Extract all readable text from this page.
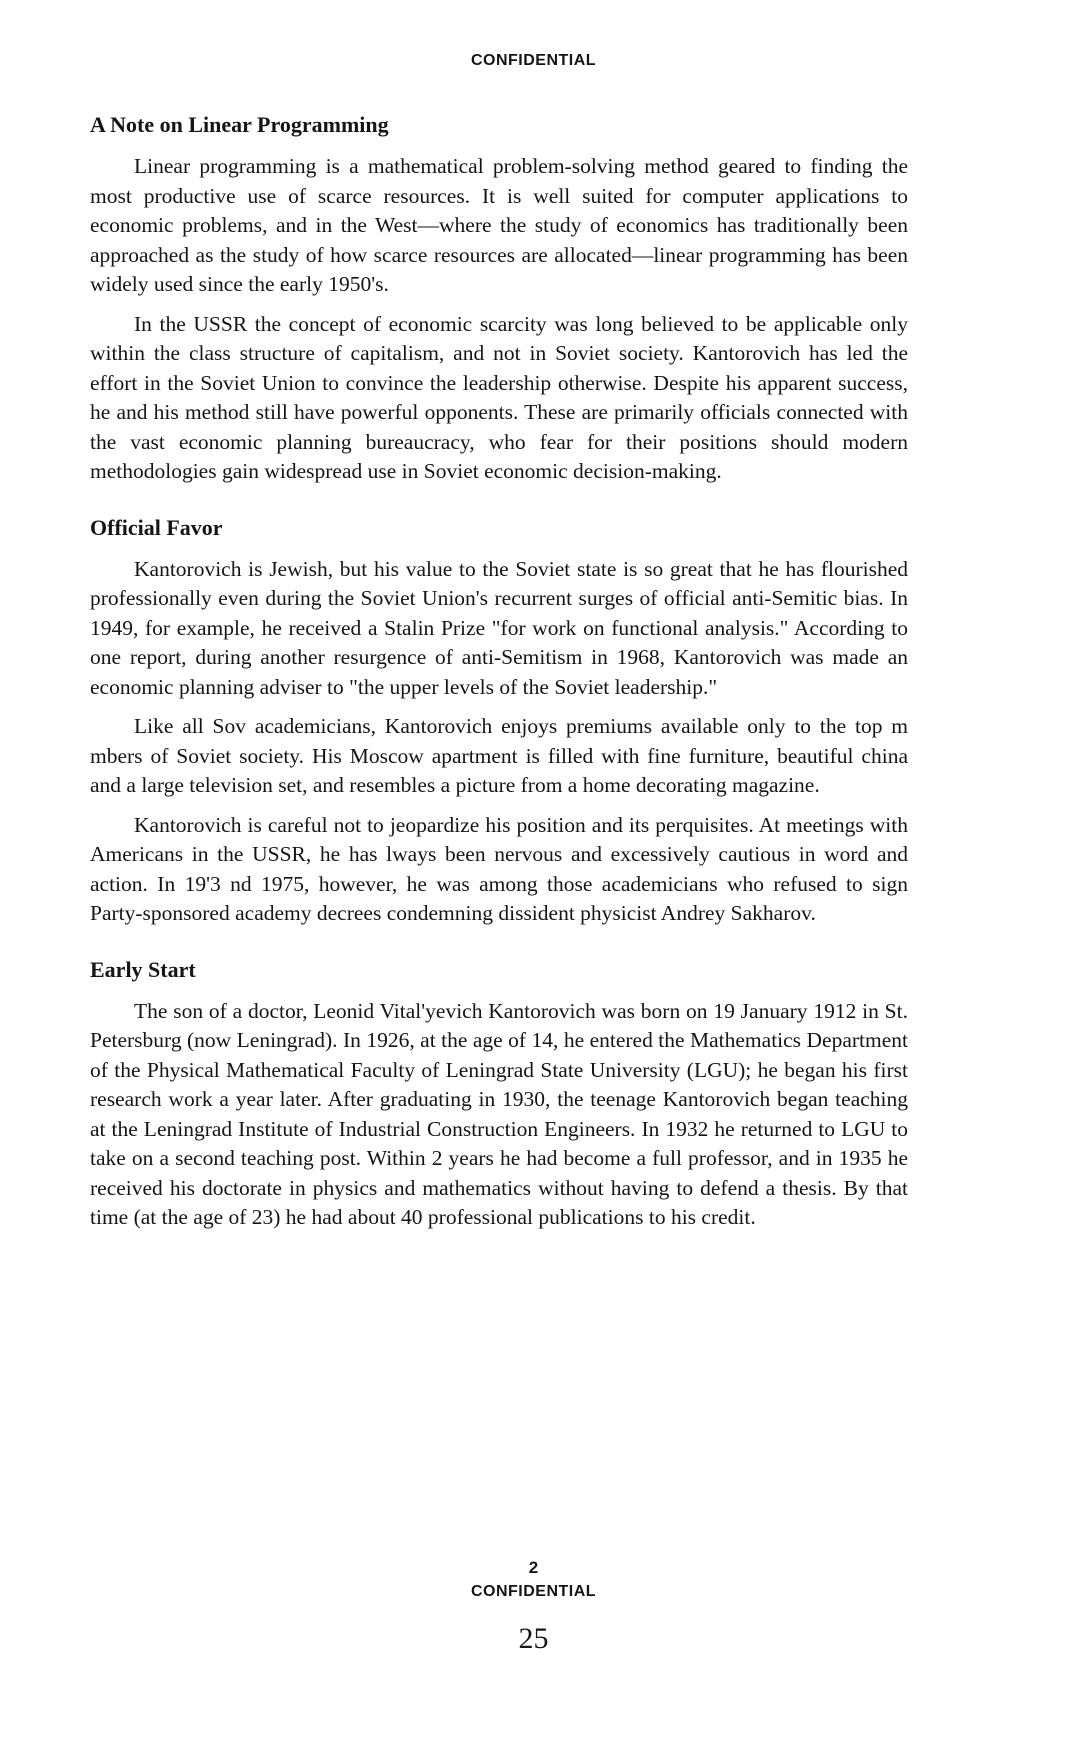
CONFIDENTIAL
A Note on Linear Programming

Linear programming is a mathematical problem-solving method geared to finding the most productive use of scarce resources. It is well suited for computer applications to economic problems, and in the West—where the study of economics has traditionally been approached as the study of how scarce resources are allocated—linear programming has been widely used since the early 1950's.

In the USSR the concept of economic scarcity was long believed to be applicable only within the class structure of capitalism, and not in Soviet society. Kantorovich has led the effort in the Soviet Union to convince the leadership otherwise. Despite his apparent success, he and his method still have powerful opponents. These are primarily officials connected with the vast economic planning bureaucracy, who fear for their positions should modern methodologies gain widespread use in Soviet economic decision-making.

Official Favor

Kantorovich is Jewish, but his value to the Soviet state is so great that he has flourished professionally even during the Soviet Union's recurrent surges of official anti-Semitic bias. In 1949, for example, he received a Stalin Prize "for work on functional analysis." According to one report, during another resurgence of anti-Semitism in 1968, Kantorovich was made an economic planning adviser to "the upper levels of the Soviet leadership."

Like all Sov academicians, Kantorovich enjoys premiums available only to the top m mbers of Soviet society. His Moscow apartment is filled with fine furniture, beautiful china and a large television set, and resembles a picture from a home decorating magazine.

Kantorovich is careful not to jeopardize his position and its perquisites. At meetings with Americans in the USSR, he has lways been nervous and excessively cautious in word and action. In 19'3 nd 1975, however, he was among those academicians who refused to sign Party-sponsored academy decrees condemning dissident physicist Andrey Sakharov.

Early Start

The son of a doctor, Leonid Vital'yevich Kantorovich was born on 19 January 1912 in St. Petersburg (now Leningrad). In 1926, at the age of 14, he entered the Mathematics Department of the Physical Mathematical Faculty of Leningrad State University (LGU); he began his first research work a year later. After graduating in 1930, the teenage Kantorovich began teaching at the Leningrad Institute of Industrial Construction Engineers. In 1932 he returned to LGU to take on a second teaching post. Within 2 years he had become a full professor, and in 1935 he received his doctorate in physics and mathematics without having to defend a thesis. By that time (at the age of 23) he had about 40 professional publications to his credit.

2
CONFIDENTIAL
25
